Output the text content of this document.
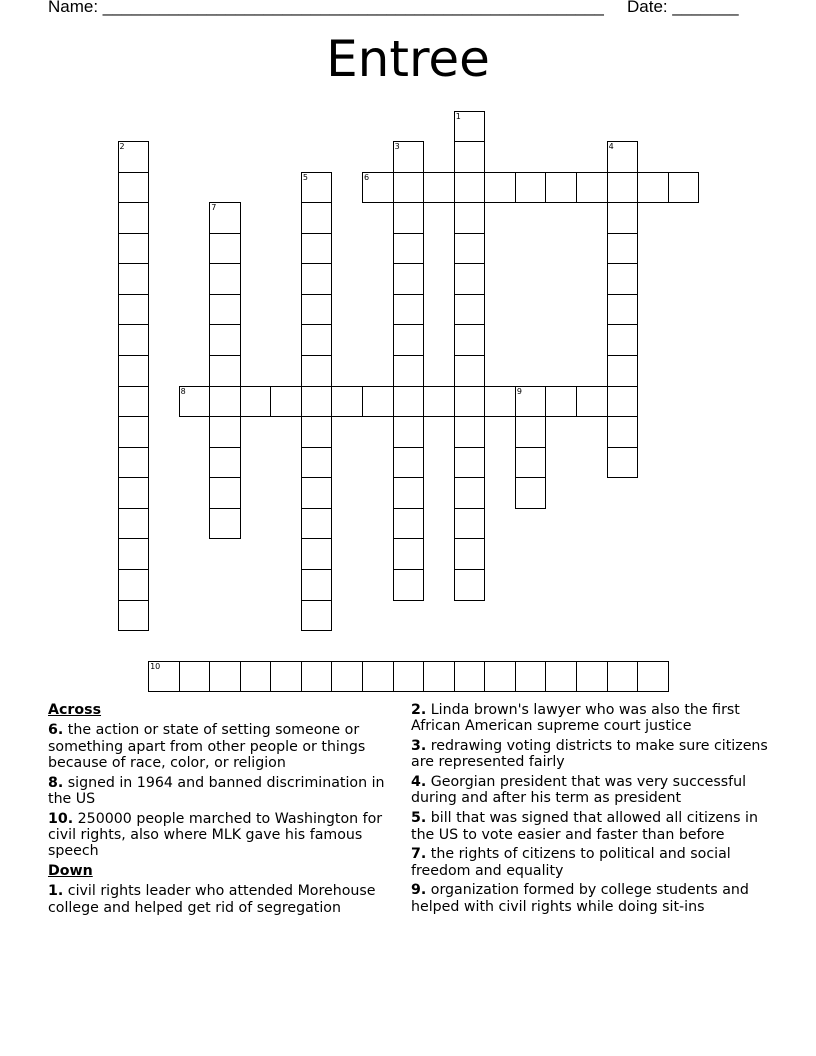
Name: _____________________________________________________ Date: _______
Entree
1
2	3	4
5	6
7
8	9
10
Across
6. the action or state of setting someone or something apart from other people or things because of race, color, or religion
8. signed in 1964 and banned discrimination in the US
10. 250000 people marched to Washington for civil rights, also where MLK gave his famous speech
Down
1. civil rights leader who attended Morehouse college and helped get rid of segregation
2. Linda brown's lawyer who was also the first African American supreme court justice
3. redrawing voting districts to make sure citizens are represented fairly
4. Georgian president that was very successful during and after his term as president
5. bill that was signed that allowed all citizens in the US to vote easier and faster than before
7. the rights of citizens to political and social freedom and equality
9. organization formed by college students and helped with civil rights while doing sit-ins
